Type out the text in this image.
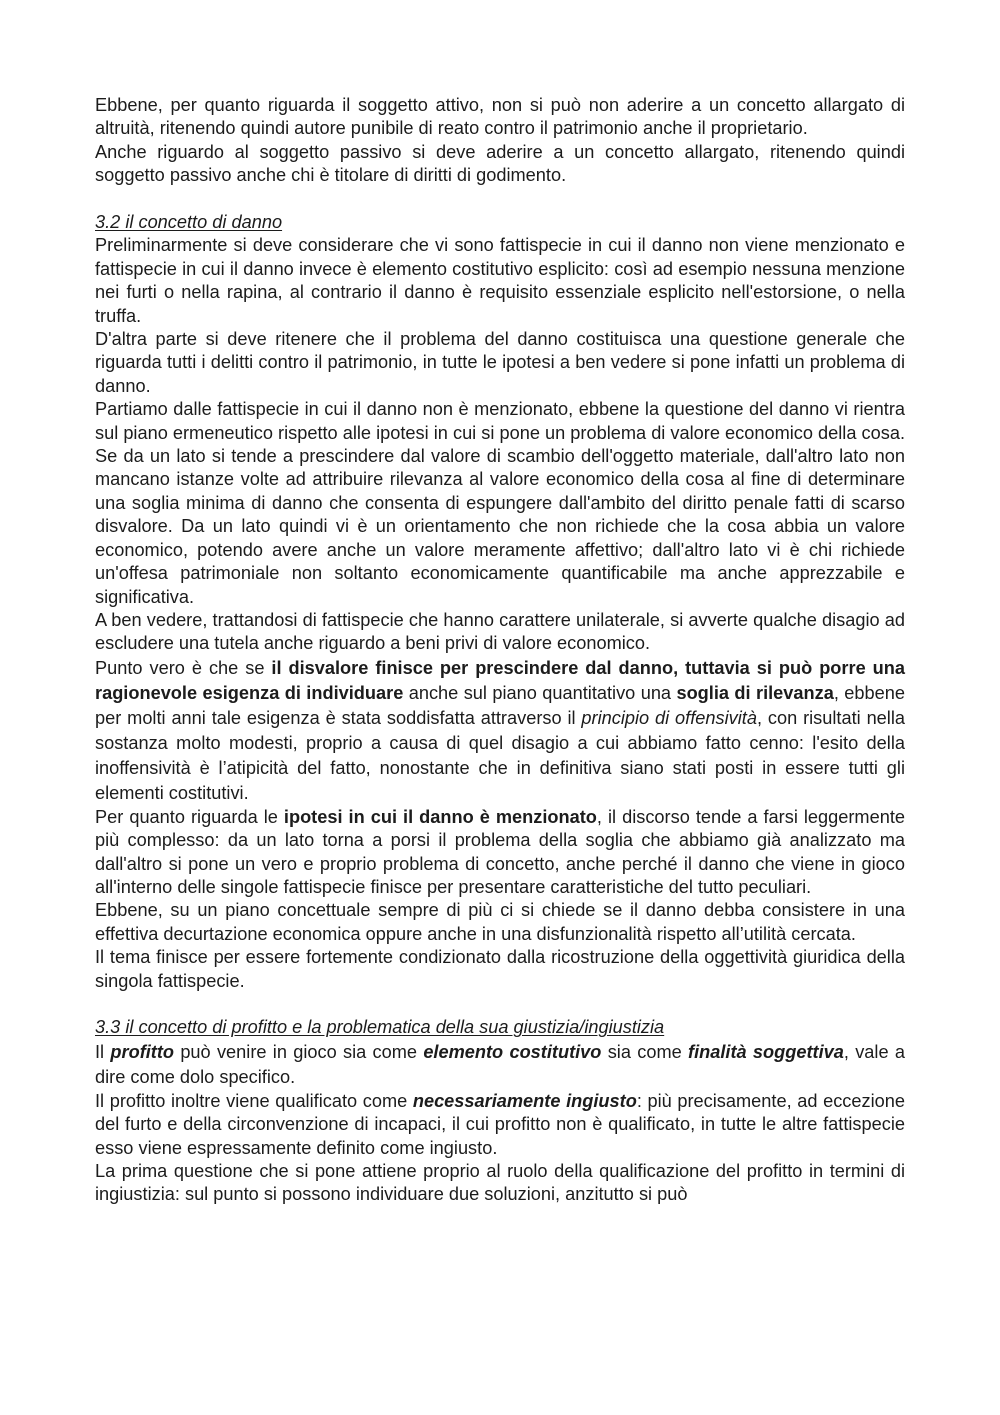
Ebbene, per quanto riguarda il soggetto attivo, non si può non aderire a un concetto allargato di altruità, ritenendo quindi autore punibile di reato contro il patrimonio anche il proprietario.

Anche riguardo al soggetto passivo si deve aderire a un concetto allargato, ritenendo quindi soggetto passivo anche chi è titolare di diritti di godimento.

3.2 il concetto di danno

Preliminarmente si deve considerare che vi sono fattispecie in cui il danno non viene menzionato e fattispecie in cui il danno invece è elemento costitutivo esplicito: così ad esempio nessuna menzione nei furti o nella rapina, al contrario il danno è requisito essenziale esplicito nell'estorsione, o nella truffa.

D'altra parte si deve ritenere che il problema del danno costituisca una questione generale che riguarda tutti i delitti contro il patrimonio, in tutte le ipotesi a ben vedere si pone infatti un problema di danno.

Partiamo dalle fattispecie in cui il danno non è menzionato, ebbene la questione del danno vi rientra sul piano ermeneutico rispetto alle ipotesi in cui si pone un problema di valore economico della cosa. Se da un lato si tende a prescindere dal valore di scambio dell'oggetto materiale, dall'altro lato non mancano istanze volte ad attribuire rilevanza al valore economico della cosa al fine di determinare una soglia minima di danno che consenta di espungere dall'ambito del diritto penale fatti di scarso disvalore. Da un lato quindi vi è un orientamento che non richiede che la cosa abbia un valore economico, potendo avere anche un valore meramente affettivo; dall'altro lato vi è chi richiede un'offesa patrimoniale non soltanto economicamente quantificabile ma anche apprezzabile e significativa.

A ben vedere, trattandosi di fattispecie che hanno carattere unilaterale, si avverte qualche disagio ad escludere una tutela anche riguardo a beni privi di valore economico.

Punto vero è che se il disvalore finisce per prescindere dal danno, tuttavia si può porre una ragionevole esigenza di individuare anche sul piano quantitativo una soglia di rilevanza, ebbene per molti anni tale esigenza è stata soddisfatta attraverso il principio di offensività, con risultati nella sostanza molto modesti, proprio a causa di quel disagio a cui abbiamo fatto cenno: l'esito della inoffensività è l’atipicità del fatto, nonostante che in definitiva siano stati posti in essere tutti gli elementi costitutivi.

Per quanto riguarda le ipotesi in cui il danno è menzionato, il discorso tende a farsi leggermente più complesso: da un lato torna a porsi il problema della soglia che abbiamo già analizzato ma dall'altro si pone un vero e proprio problema di concetto, anche perché il danno che viene in gioco all'interno delle singole fattispecie finisce per presentare caratteristiche del tutto peculiari.

Ebbene, su un piano concettuale sempre di più ci si chiede se il danno debba consistere in una effettiva decurtazione economica oppure anche in una disfunzionalità rispetto all’utilità cercata.

Il tema finisce per essere fortemente condizionato dalla ricostruzione della oggettività giuridica della singola fattispecie.

3.3 il concetto di profitto e la problematica della sua giustizia/ingiustizia

Il profitto può venire in gioco sia come elemento costitutivo sia come finalità soggettiva, vale a dire come dolo specifico.

Il profitto inoltre viene qualificato come necessariamente ingiusto: più precisamente, ad eccezione del furto e della circonvenzione di incapaci, il cui profitto non è qualificato, in tutte le altre fattispecie esso viene espressamente definito come ingiusto.

La prima questione che si pone attiene proprio al ruolo della qualificazione del profitto in termini di ingiustizia: sul punto si possono individuare due soluzioni, anzitutto si può
